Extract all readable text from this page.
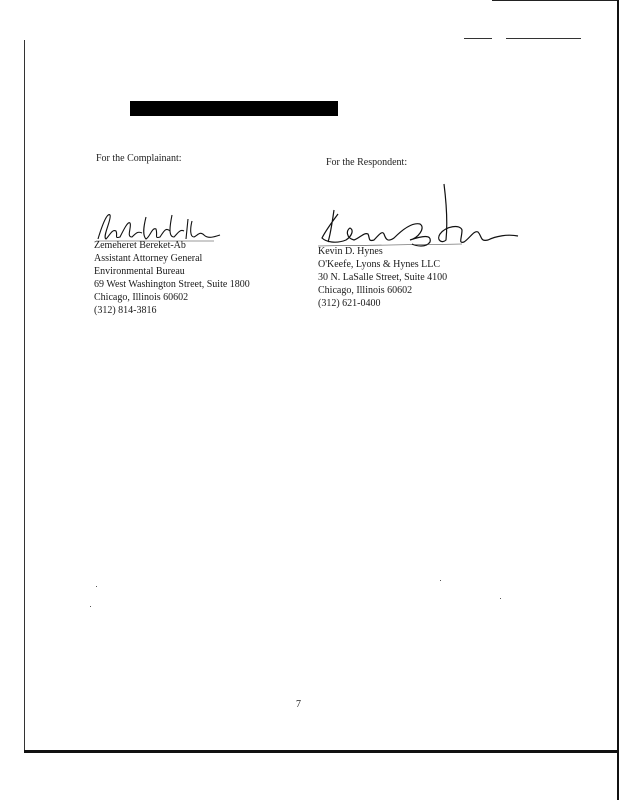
For the Complainant:
Zemeheret Bereket-Ab
Assistant Attorney General
Environmental Bureau
69 West Washington Street, Suite 1800
Chicago, Illinois 60602
(312) 814-3816
For the Respondent:
Kevin D. Hynes
O'Keefe, Lyons & Hynes LLC
30 N. LaSalle Street, Suite 4100
Chicago, Illinois 60602
(312) 621-0400
7
